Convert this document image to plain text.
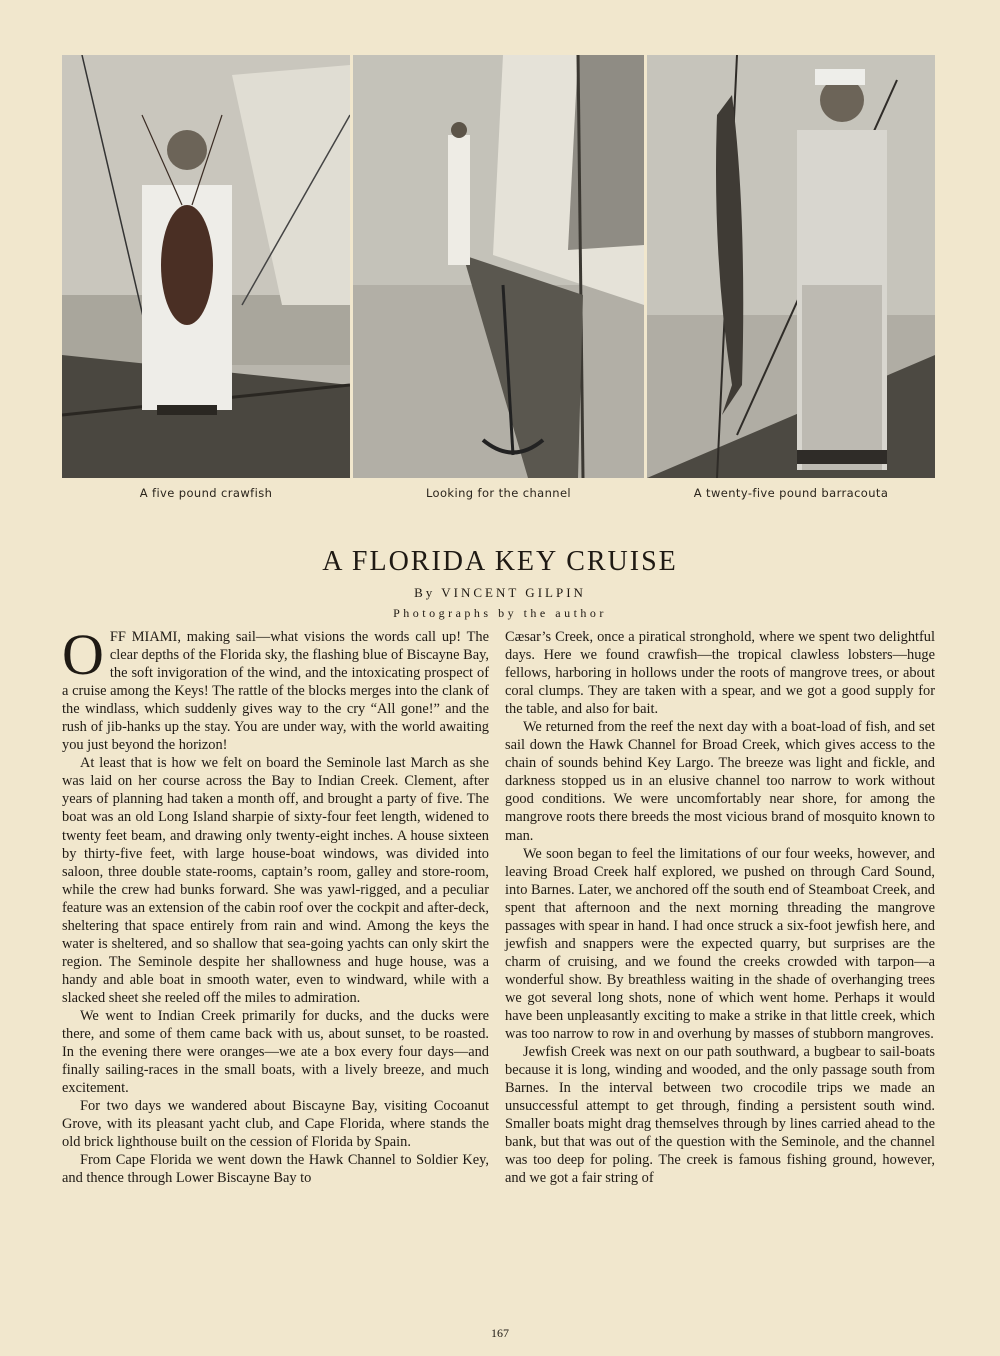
A five pound crawfish	Looking for the channel	A twenty-five pound barracouta
A FLORIDA KEY CRUISE
By VINCENT GILPIN
Photographs by the author

OFF MIAMI, making sail—what visions the words call up! The clear depths of the Florida sky, the flashing blue of Biscayne Bay, the soft invigoration of the wind, and the intoxicating prospect of a cruise among the Keys! The rattle of the blocks merges into the clank of the windlass, which suddenly gives way to the cry “All gone!” and the rush of jib-hanks up the stay. You are under way, with the world awaiting you just beyond the horizon!

At least that is how we felt on board the Seminole last March as she was laid on her course across the Bay to Indian Creek. Clement, after years of planning had taken a month off, and brought a party of five. The boat was an old Long Island sharpie of sixty-four feet length, widened to twenty feet beam, and drawing only twenty-eight inches. A house sixteen by thirty-five feet, with large house-boat windows, was divided into saloon, three double state-rooms, captain’s room, galley and store-room, while the crew had bunks forward. She was yawl-rigged, and a peculiar feature was an extension of the cabin roof over the cockpit and after-deck, sheltering that space entirely from rain and wind. Among the keys the water is sheltered, and so shallow that sea-going yachts can only skirt the region. The Seminole despite her shallowness and huge house, was a handy and able boat in smooth water, even to windward, while with a slacked sheet she reeled off the miles to admiration.

We went to Indian Creek primarily for ducks, and the ducks were there, and some of them came back with us, about sunset, to be roasted. In the evening there were oranges—we ate a box every four days—and finally sailing-races in the small boats, with a lively breeze, and much excitement.

For two days we wandered about Biscayne Bay, visiting Cocoanut Grove, with its pleasant yacht club, and Cape Florida, where stands the old brick lighthouse built on the cession of Florida by Spain.

From Cape Florida we went down the Hawk Channel to Soldier Key, and thence through Lower Biscayne Bay to

Cæsar’s Creek, once a piratical stronghold, where we spent two delightful days. Here we found crawfish—the tropical clawless lobsters—huge fellows, harboring in hollows under the roots of mangrove trees, or about coral clumps. They are taken with a spear, and we got a good supply for the table, and also for bait.

We returned from the reef the next day with a boat-load of fish, and set sail down the Hawk Channel for Broad Creek, which gives access to the chain of sounds behind Key Largo. The breeze was light and fickle, and darkness stopped us in an elusive channel too narrow to work without good conditions. We were uncomfortably near shore, for among the mangrove roots there breeds the most vicious brand of mosquito known to man.

We soon began to feel the limitations of our four weeks, however, and leaving Broad Creek half explored, we pushed on through Card Sound, into Barnes. Later, we anchored off the south end of Steamboat Creek, and spent that afternoon and the next morning threading the mangrove passages with spear in hand. I had once struck a six-foot jewfish here, and jewfish and snappers were the expected quarry, but surprises are the charm of cruising, and we found the creeks crowded with tarpon—a wonderful show. By breathless waiting in the shade of overhanging trees we got several long shots, none of which went home. Perhaps it would have been unpleasantly exciting to make a strike in that little creek, which was too narrow to row in and overhung by masses of stubborn mangroves.

Jewfish Creek was next on our path southward, a bugbear to sail-boats because it is long, winding and wooded, and the only passage south from Barnes. In the interval between two crocodile trips we made an unsuccessful attempt to get through, finding a persistent south wind. Smaller boats might drag themselves through by lines carried ahead to the bank, but that was out of the question with the Seminole, and the channel was too deep for poling. The creek is famous fishing ground, however, and we got a fair string of

167
